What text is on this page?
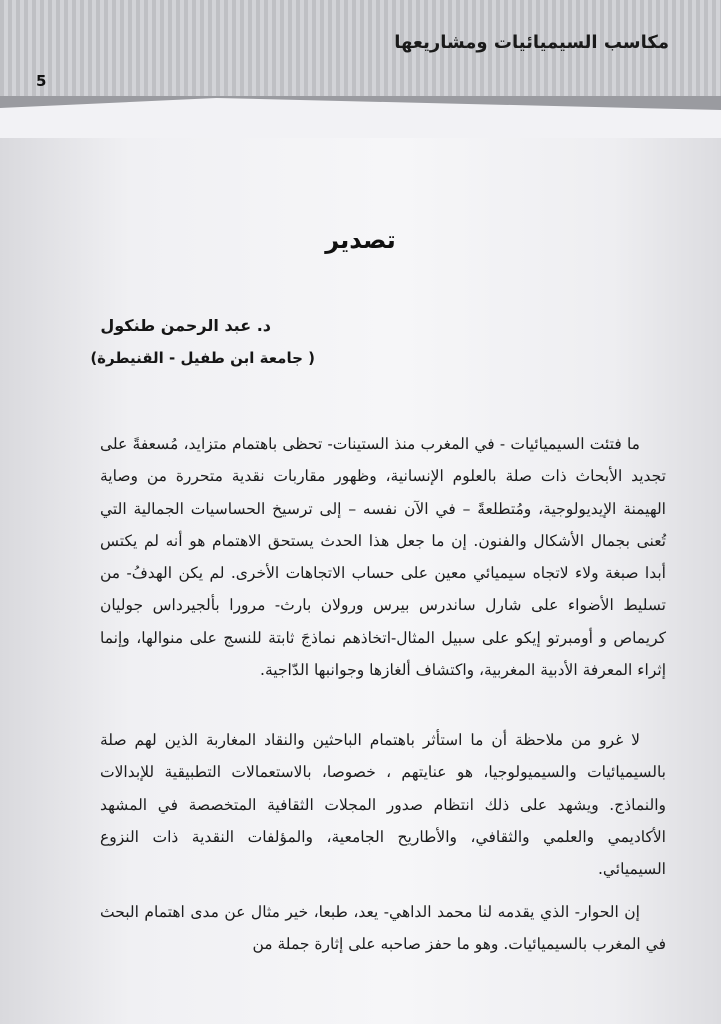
مكاسب السيميائيات ومشاريعها
5
تصدير
د. عبد الرحمن طنكول
( جامعة ابن طفيل - القنيطرة)

ما فتئت السيميائيات - في المغرب منذ الستينات- تحظى باهتمام متزايد، مُسعفةً على تجديد الأبحاث ذات صلة بالعلوم الإنسانية، وظهور مقاربات نقدية متحررة من وصاية الهيمنة الإيديولوجية، ومُتطلعةً – في الآن نفسه – إلى ترسيخ الحساسيات الجمالية التي تُعنى بجمال الأشكال والفنون. إن ما جعل هذا الحدث يستحق الاهتمام هو أنه لم يكتس أبدا صبغة ولاء لاتجاه سيميائي معين على حساب الاتجاهات الأخرى. لم يكن الهدفُ- من تسليط الأضواء على شارل ساندرس بيرس ورولان بارث- مرورا بألجيرداس جوليان كريماص و أومبرتو إيكو على سبيل المثال-اتخاذهم نماذجَ ثابتة للنسج على منوالها، وإنما إثراء المعرفة الأدبية المغربية، واكتشاف ألغازها وجوانبها الدّاجية.

لا غرو من ملاحظة أن ما استأثر باهتمام الباحثين والنقاد المغاربة الذين لهم صلة بالسيميائيات والسيميولوجيا، هو عنايتهم ، خصوصا، بالاستعمالات التطبيقية للإبدالات والنماذج. ويشهد على ذلك انتظام صدور المجلات الثقافية المتخصصة في المشهد الأكاديمي والعلمي والثقافي، والأطاريح الجامعية، والمؤلفات النقدية ذات النزوع السيميائي.

إن الحوار- الذي يقدمه لنا محمد الداهي- يعد، طبعا، خير مثال عن مدى اهتمام البحث في المغرب بالسيميائيات. وهو ما حفز صاحبه على إثارة جملة من
